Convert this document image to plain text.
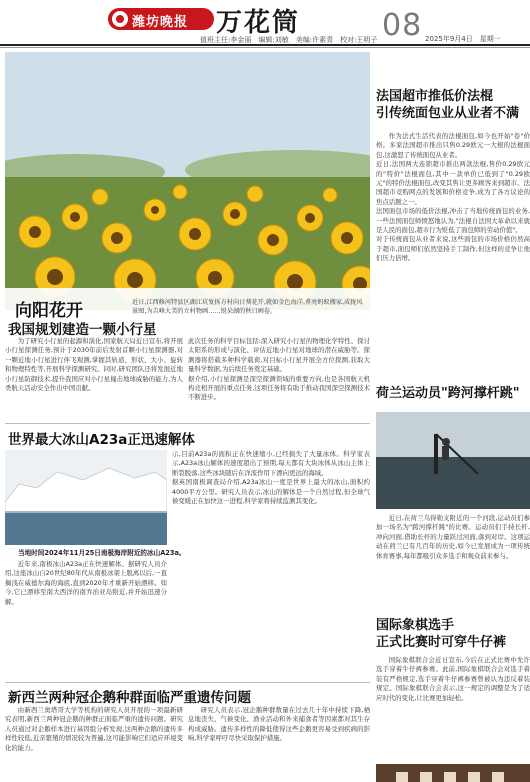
潍坊晚报 万花筒
值班主任:李金丽　编辑:刘敏　美编:许素青　校对:王明子 08 2025年9月4日　星期一
向阳花开	近日,江西修河特县区湖江坑复拆方村向日葵花开,就如金色海洋,煮亮蚂蚁搬家,成拢风景图,为吉峰大美的立村物画……锐朵湖的秋日画卷。
法国超市推低价法棍
引传统面包业从业者不满
作为法式生活代表的法棍面包,如今也开始"卷"价格。多家法国超市推出只售0.29欧元一大根的法棍面包,这激怒了传统面包从业者。
近日,法国两大连锁超市推出两款法棍,售价0.29欧元的"特价"法棍面包,其中一款单价已低到了"0.29欧元"的特价法棍面包,改变其售让更多顾客来到超市。法国超市竞购网点的发展和价格竞争,成为了各方议论的焦点话题之一。
法国面包市场的低价法棍,冲击了当地传统面包的业务,一些法国面包师愤怒地认为,"法棍自法国大革命以来就是人民的面包,超市行为贬低了面包师的劳动价值"。
对于传统面包从业者来说,这些面包的市场价格仍然高于超市,面包师们依然坚持手工制作,但这样的竞争让他们压力倍增。
荷兰运动员"跨河撑杆跳"
近日,在荷兰乌得勒支附近的一个河段,运动员们参加一场名为"跨河撑杆跳"的比赛。运动员们手持长杆,冲向河面,借助长杆的力量跃过河面,落到对岸。这项运动在荷兰已有几百年的历史,如今已发展成为一项传统体育赛事,每年都吸引众多选手和观众前来参与。
国际象棋选手
正式比赛时可穿牛仔裤
国际象棋联合会近日宣布,今后在正式比赛中允许选手穿着牛仔裤参赛。此前,国际象棋联合会对选手着装有严格规定,选手穿着牛仔裤参赛曾被认为违反着装规定。国际象棋联合会表示,这一规定的调整是为了适应时代的变化,让比赛更加轻松。
我国规划建造一颗小行星
为了研究小行星的起源和演化,国家航天局近日宣布,将开展小行星探测任务,预计于2030年前后发射首颗小行星探测器,对一颗近地小行星进行伴飞观测,掌握其轨道、形状、大小、旋转和物理特性等,开展科学探测研究。同时,研究团队还将发展近地小行星防御技术,提升我国应对小行星撞击地球威胁的能力,为人类航天活动安全作出中国贡献。
此次任务的科学目标包括:深入研究小行星的物理化学特性、探讨太阳系的形成与演化、评估近地小行星对地球的潜在威胁等。探测器将搭载多种科学载荷,对目标小行星开展全方位探测,获取大量科学数据,为后续任务奠定基础。
据介绍,小行星探测是深空探测领域的重要方向,也是各国航天机构竞相开展的重点任务,这项任务将有助于推动我国深空探测技术不断进步。
世界最大冰山A23a正迅速解体
当地时间2024年11月25日南极海岸附近的冰山A23a。
近年来,南极冰山A23a正在快速解体。据研究人员介绍,这座冰山自20世纪80年代从南极冰架上脱离以后,一直搁浅在威德尔海的海底,直到2020年才重新开始漂移。如今,它已漂移至南大西洋的南乔治亚岛附近,并开始迅速分解。
示,目前A23a的面积正在快速缩小,已经损失了大量冰体。科学家表示,A23a冰山解体的速度超出了预期,每天都有大块冰体从冰山主体上断裂脱落,这些冰块随后在洋流作用下漂向更远的海域。
据英国南极调查局介绍,A23a冰山一度是世界上最大的冰山,面积约4000平方公里。研究人员表示,冰山的解体是一个自然过程,但全球气候变暖正在加快这一进程,科学家将持续监测其变化。
新西兰两种冠企鹅种群面临严重遗传问题
由新西兰奥塔哥大学等机构的研究人员开展的一项最新研究表明,新西兰两种冠企鹅的种群正面临严重的遗传问题。研究人员通过对企鹅样本进行基因组分析发现,这两种企鹅的遗传多样性较低,近亲繁殖的情况较为普遍,这可能影响它们适应环境变化的能力。
研究人员表示,冠企鹅种群数量在过去几十年中持续下降,栖息地丧失、气候变化、渔业活动和外来捕食者等因素都对其生存构成威胁。遗传多样性的降低使得这些企鹅更容易受到疾病的影响,科学家呼吁尽快采取保护措施。
